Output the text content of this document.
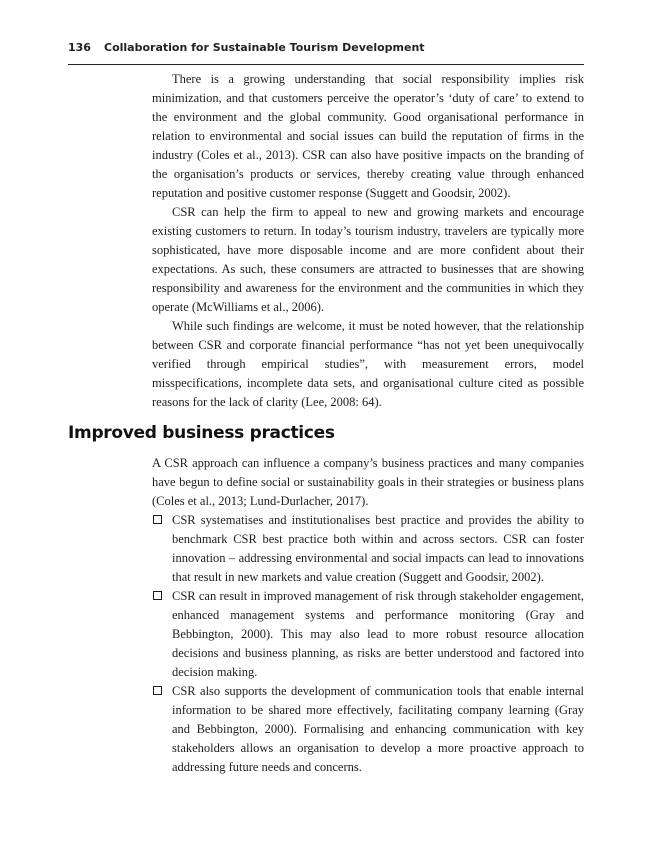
136 Collaboration for Sustainable Tourism Development

There is a growing understanding that social responsibility implies risk minimization, and that customers perceive the operator’s ‘duty of care’ to extend to the environment and the global community. Good organisational performance in relation to environmental and social issues can build the reputation of firms in the industry (Coles et al., 2013). CSR can also have positive impacts on the branding of the organisation’s products or services, thereby creating value through enhanced reputation and positive customer response (Suggett and Goodsir, 2002).

CSR can help the firm to appeal to new and growing markets and encourage existing customers to return. In today’s tourism industry, travelers are typically more sophisticated, have more disposable income and are more confident about their expectations. As such, these consumers are attracted to businesses that are showing responsibility and awareness for the environment and the communities in which they operate (McWilliams et al., 2006).

While such findings are welcome, it must be noted however, that the relationship between CSR and corporate financial performance “has not yet been unequivocally verified through empirical studies”, with measurement errors, model misspecifications, incomplete data sets, and organisational culture cited as possible reasons for the lack of clarity (Lee, 2008: 64).

Improved business practices

A CSR approach can influence a company’s business practices and many companies have begun to define social or sustainability goals in their strategies or business plans (Coles et al., 2013; Lund-Durlacher, 2017).

CSR systematises and institutionalises best practice and provides the ability to benchmark CSR best practice both within and across sectors. CSR can foster innovation – addressing environmental and social impacts can lead to innovations that result in new markets and value creation (Suggett and Goodsir, 2002).
CSR can result in improved management of risk through stakeholder engagement, enhanced management systems and performance monitoring (Gray and Bebbington, 2000). This may also lead to more robust resource allocation decisions and business planning, as risks are better understood and factored into decision making.
CSR also supports the development of communication tools that enable internal information to be shared more effectively, facilitating company learning (Gray and Bebbington, 2000). Formalising and enhancing communication with key stakeholders allows an organisation to develop a more proactive approach to addressing future needs and concerns.
